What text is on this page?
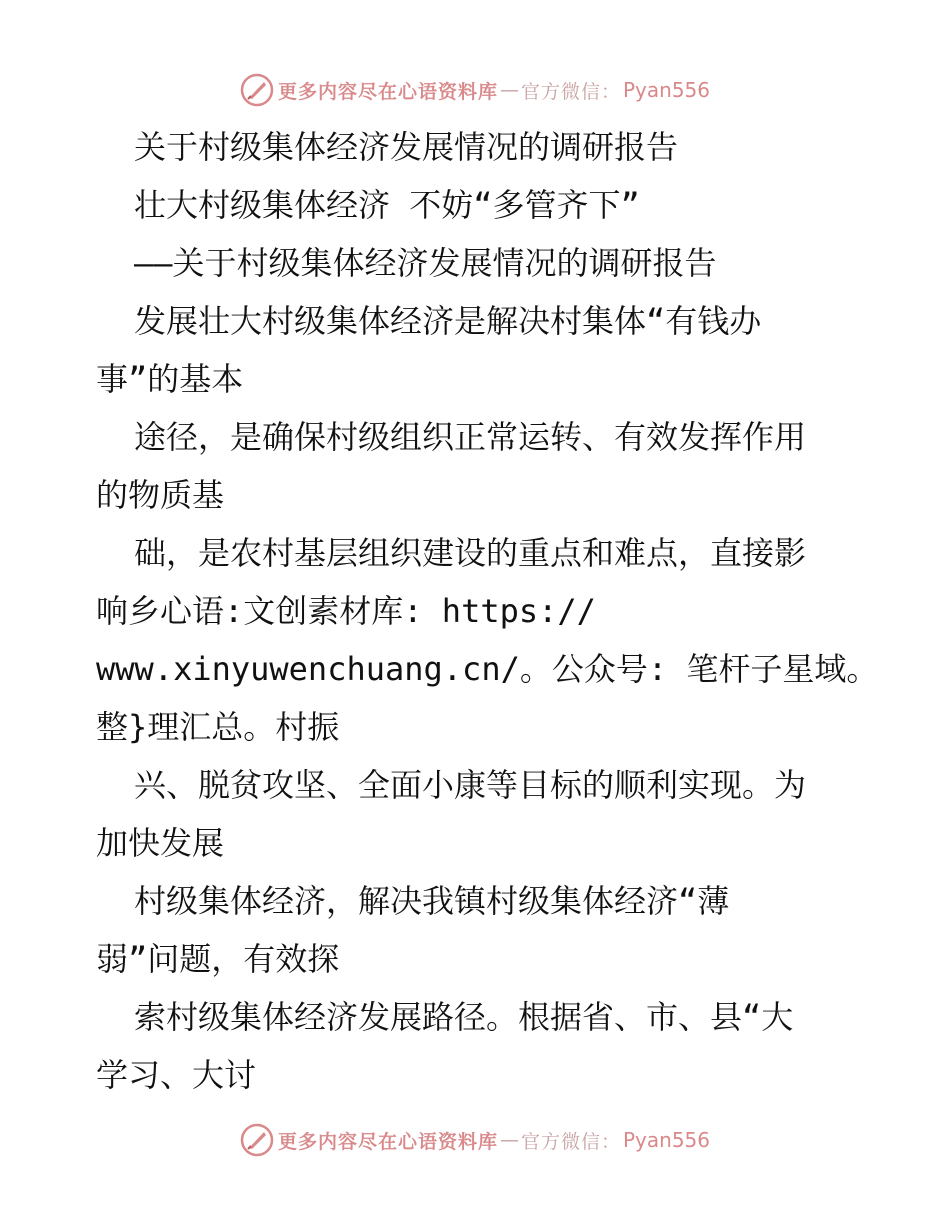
更多内容尽在心语资料库 — 官方微信： Pyan556
关于村级集体经济发展情况的调研报告
壮大村级集体经济 不妨“多管齐下”
——关于村级集体经济发展情况的调研报告
发展壮大村级集体经济是解决村集体“有钱办
事”的基本
途径，是确保村级组织正常运转、有效发挥作用
的物质基
础，是农村基层组织建设的重点和难点，直接影
响乡心语:文创素材库: https://
www.xinyuwenchuang.cn/。公众号: 笔杆子星域。
整}理汇总。村振
兴、脱贫攻坚、全面小康等目标的顺利实现。为
加快发展
村级集体经济，解决我镇村级集体经济“薄
弱”问题，有效探
索村级集体经济发展路径。根据省、市、县“大
学习、大讨
更多内容尽在心语资料库 — 官方微信： Pyan556
